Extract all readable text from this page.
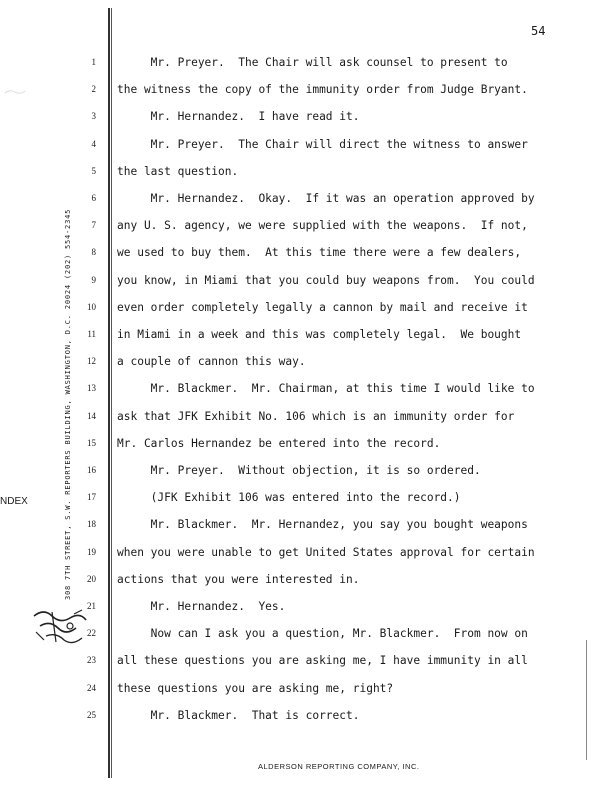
54
308 7TH STREET, S.W. REPORTERS BUILDING, WASHINGTON, D.C. 20024 (202) 554-2345
NDEX
1 Mr. Preyer.  The Chair will ask counsel to present to
2 the witness the copy of the immunity order from Judge Bryant.
3 Mr. Hernandez.  I have read it.
4 Mr. Preyer.  The Chair will direct the witness to answer
5 the last question.
6 Mr. Hernandez.  Okay.  If it was an operation approved by
7 any U. S. agency, we were supplied with the weapons.  If not,
8 we used to buy them.  At this time there were a few dealers,
9 you know, in Miami that you could buy weapons from.  You could
10 even order completely legally a cannon by mail and receive it
11 in Miami in a week and this was completely legal.  We bought
12 a couple of cannon this way.
13 Mr. Blackmer.  Mr. Chairman, at this time I would like to
14 ask that JFK Exhibit No. 106 which is an immunity order for
15 Mr. Carlos Hernandez be entered into the record.
16 Mr. Preyer.  Without objection, it is so ordered.
17 (JFK Exhibit 106 was entered into the record.)
18 Mr. Blackmer.  Mr. Hernandez, you say you bought weapons
19 when you were unable to get United States approval for certain
20 actions that you were interested in.
21 Mr. Hernandez.  Yes.
22 Now can I ask you a question, Mr. Blackmer.  From now on
23 all these questions you are asking me, I have immunity in all
24 these questions you are asking me, right?
25 Mr. Blackmer.  That is correct.
ALDERSON REPORTING COMPANY, INC.
